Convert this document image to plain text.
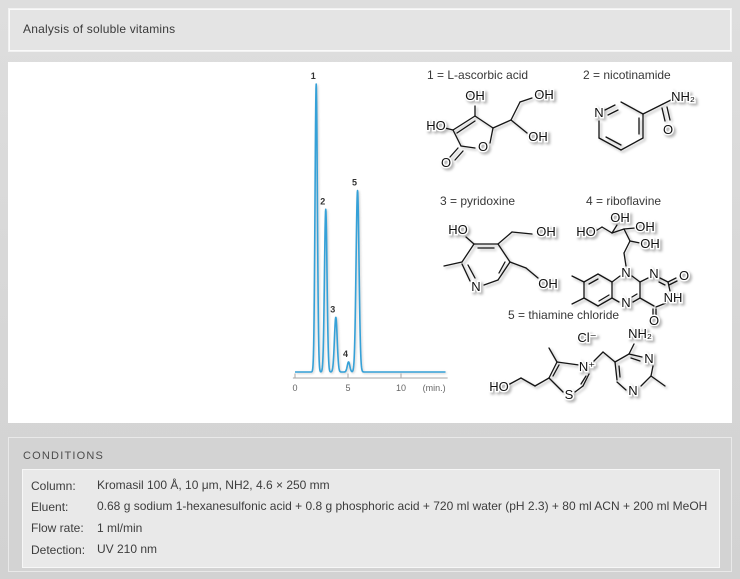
Analysis of soluble vitamins
0	5	10 (min.)
1
2
3
4
5
1 = L-ascorbic acid
OH	OH
HO
OH
O
O
2 = nicotinamide
N
NH₂
O
3 = pyridoxine
HO	OH
N	OH
4 = riboflavine
HO
OH
OH
OH
N N
N	NH
O
O
5 = thiamine chloride
Cl⁻ NH₂
HO
N⁺
S
N
N
CONDITIONS
Column:	Kromasil 100 Å, 10 μm, NH2, 4.6 × 250 mm
Eluent:	0.68 g sodium 1-hexanesulfonic acid + 0.8 g phosphoric acid + 720 ml water (pH 2.3) + 80 ml ACN + 200 ml MeOH
Flow rate:	1 ml/min
Detection: UV 210 nm
